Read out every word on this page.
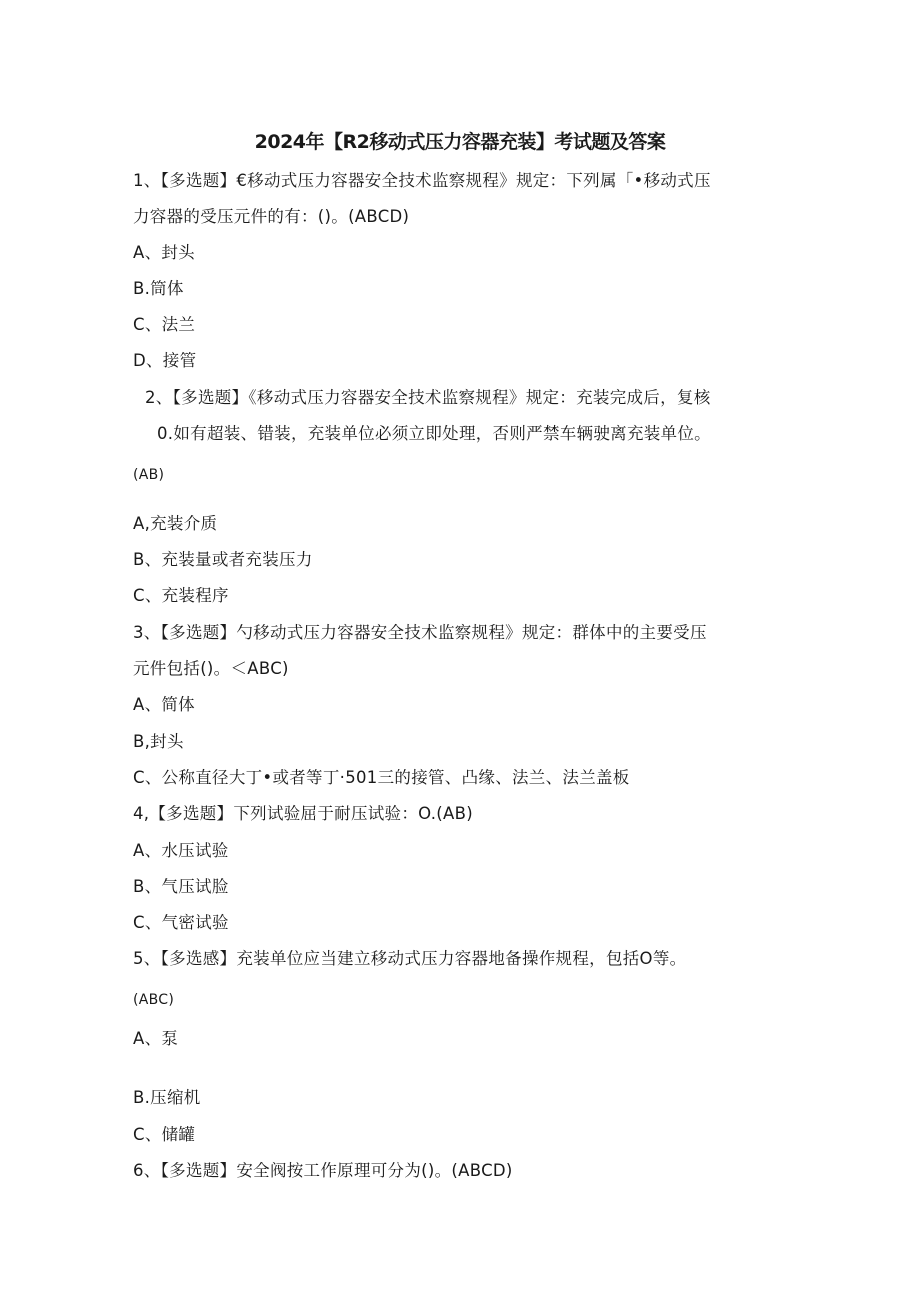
2024年【R2移动式压力容器充装】考试题及答案
1、【多选题】€移动式压力容器安全技术监察规程》规定：下列属「•移动式压
力容器的受压元件的有：()。(ABCD)
A、封头
B.筒体
C、法兰
D、接管
2、【多选题】《移动式压力容器安全技术监察规程》规定：充装完成后，复核
0.如有超装、错装，充装单位必须立即处理，否则严禁车辆驶离充装单位。
(AB)
A,充装介质
B、充装量或者充装压力
C、充装程序
3、【多选题】勺移动式压力容器安全技术监察规程》规定：群体中的主要受压
元件包括()。＜ABC)
A、简体
B,封头
C、公称直径大丁•或者等丁·501三的接管、凸缘、法兰、法兰盖板
4,【多选题】下列试验屈于耐压试验：O.(AB)
A、水压试验
B、气压试脸
C、气密试验
5、【多选感】充装单位应当建立移动式压力容器地备操作规程，包括O等。
(ABC)
A、泵
B.压缩机
C、储罐
6、【多选题】安全阀按工作原理可分为()。(ABCD)
